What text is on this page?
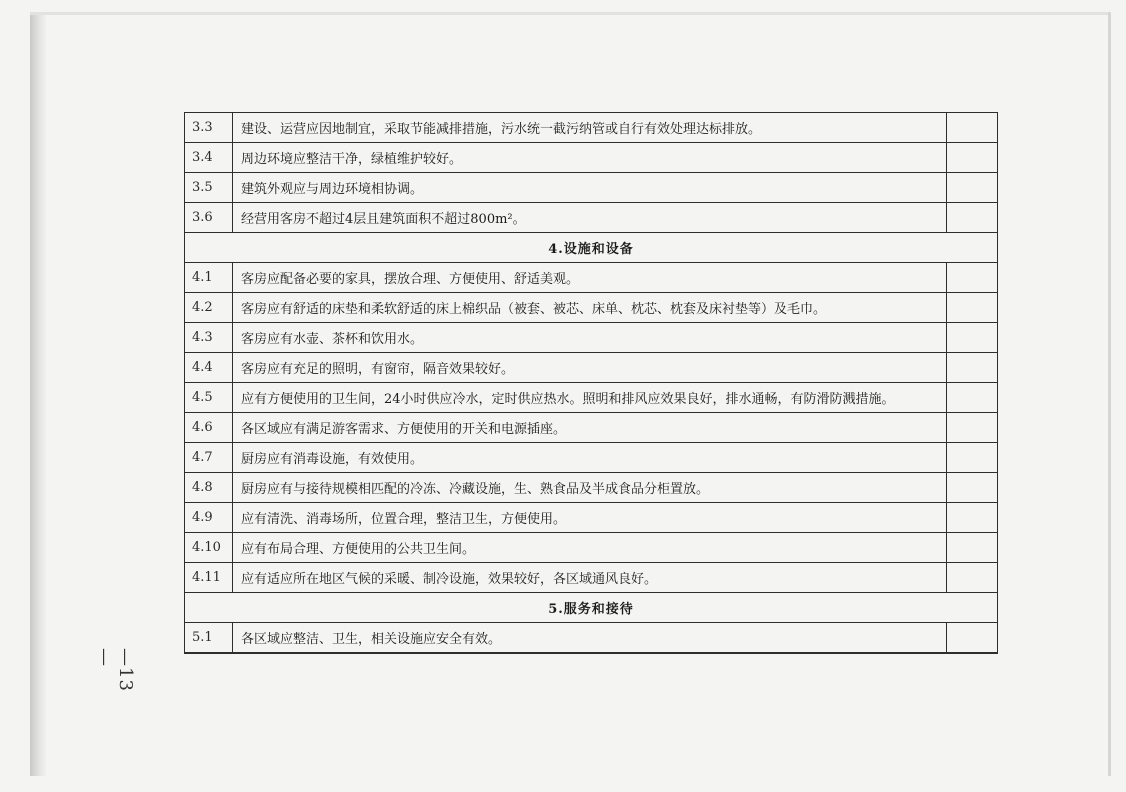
—13—
3.3	建设、运营应因地制宜，采取节能减排措施，污水统一截污纳管或自行有效处理达标排放。	
3.4	周边环境应整洁干净，绿植维护较好。	
3.5	建筑外观应与周边环境相协调。	
3.6	经营用客房不超过4层且建筑面积不超过800m²。	
4.设施和设备		
4.1	客房应配备必要的家具，摆放合理、方便使用、舒适美观。	
4.2	客房应有舒适的床垫和柔软舒适的床上棉织品（被套、被芯、床单、枕芯、枕套及床衬垫等）及毛巾。	
4.3	客房应有水壶、茶杯和饮用水。	
4.4	客房应有充足的照明，有窗帘，隔音效果较好。	
4.5	应有方便使用的卫生间，24小时供应冷水，定时供应热水。照明和排风应效果良好，排水通畅，有防滑防溅措施。	
4.6	各区域应有满足游客需求、方便使用的开关和电源插座。	
4.7	厨房应有消毒设施，有效使用。	
4.8	厨房应有与接待规模相匹配的冷冻、冷藏设施，生、熟食品及半成食品分柜置放。	
4.9	应有清洗、消毒场所，位置合理，整洁卫生，方便使用。	
4.10	应有布局合理、方便使用的公共卫生间。	
4.11	应有适应所在地区气候的采暖、制冷设施，效果较好，各区域通风良好。	
5.服务和接待		
5.1	各区域应整洁、卫生，相关设施应安全有效。	
